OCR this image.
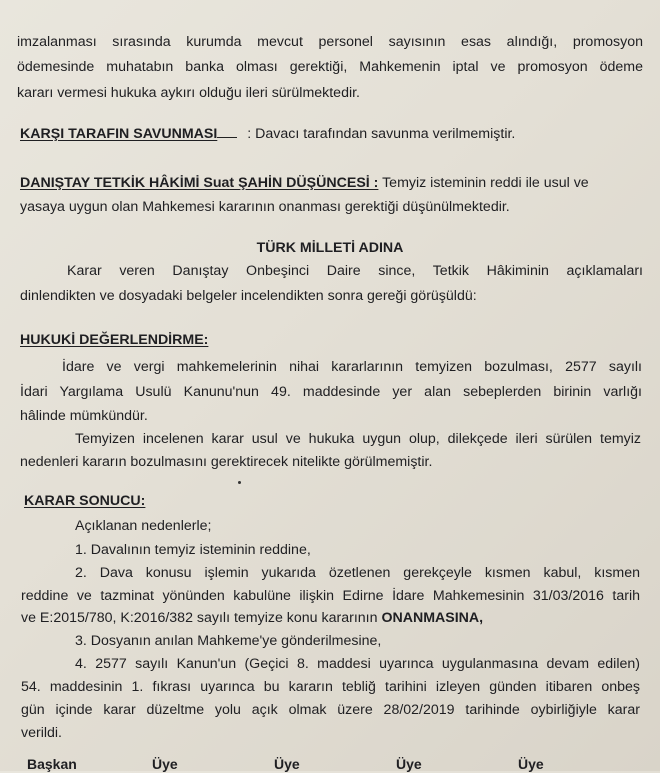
imzalanması sırasında kurumda mevcut personel sayısının esas alındığı, promosyon
ödemesinde muhatabın banka olması gerektiği, Mahkemenin iptal ve promosyon ödeme
kararı vermesi hukuka aykırı olduğu ileri sürülmektedir.
KARŞI TARAFIN SAVUNMASI : Davacı tarafından savunma verilmemiştir.
DANIŞTAY TETKİK HÂKİMİ Suat ŞAHİN DÜŞÜNCESİ : Temyiz isteminin reddi ile usul ve
yasaya uygun olan Mahkemesi kararının onanması gerektiği düşünülmektedir.
TÜRK MİLLETİ ADINA
Karar veren Danıştay Onbeşinci Daire since, Tetkik Hâkiminin açıklamaları
dinlendikten ve dosyadaki belgeler incelendikten sonra gereği görüşüldü:
HUKUKİ DEĞERLENDİRME:
İdare ve vergi mahkemelerinin nihai kararlarının temyizen bozulması, 2577 sayılı
İdari Yargılama Usulü Kanunu'nun 49. maddesinde yer alan sebeplerden birinin varlığı
hâlinde mümkündür.
Temyizen incelenen karar usul ve hukuka uygun olup, dilekçede ileri sürülen temyiz
nedenleri kararın bozulmasını gerektirecek nitelikte görülmemiştir.
KARAR SONUCU:
Açıklanan nedenlerle;
1. Davalının temyiz isteminin reddine,
2. Dava konusu işlemin yukarıda özetlenen gerekçeyle kısmen kabul, kısmen
reddine ve tazminat yönünden kabulüne ilişkin Edirne İdare Mahkemesinin 31/03/2016 tarih
ve E:2015/780, K:2016/382 sayılı temyize konu kararının ONANMASINA,
3. Dosyanın anılan Mahkeme'ye gönderilmesine,
4. 2577 sayılı Kanun'un (Geçici 8. maddesi uyarınca uygulanmasına devam edilen)
54. maddesinin 1. fıkrası uyarınca bu kararın tebliğ tarihini izleyen günden itibaren onbeş
gün içinde karar düzeltme yolu açık olmak üzere 28/02/2019 tarihinde oybirliğiyle karar
verildi.
Başkan	Üye	Üye	Üye	Üye
